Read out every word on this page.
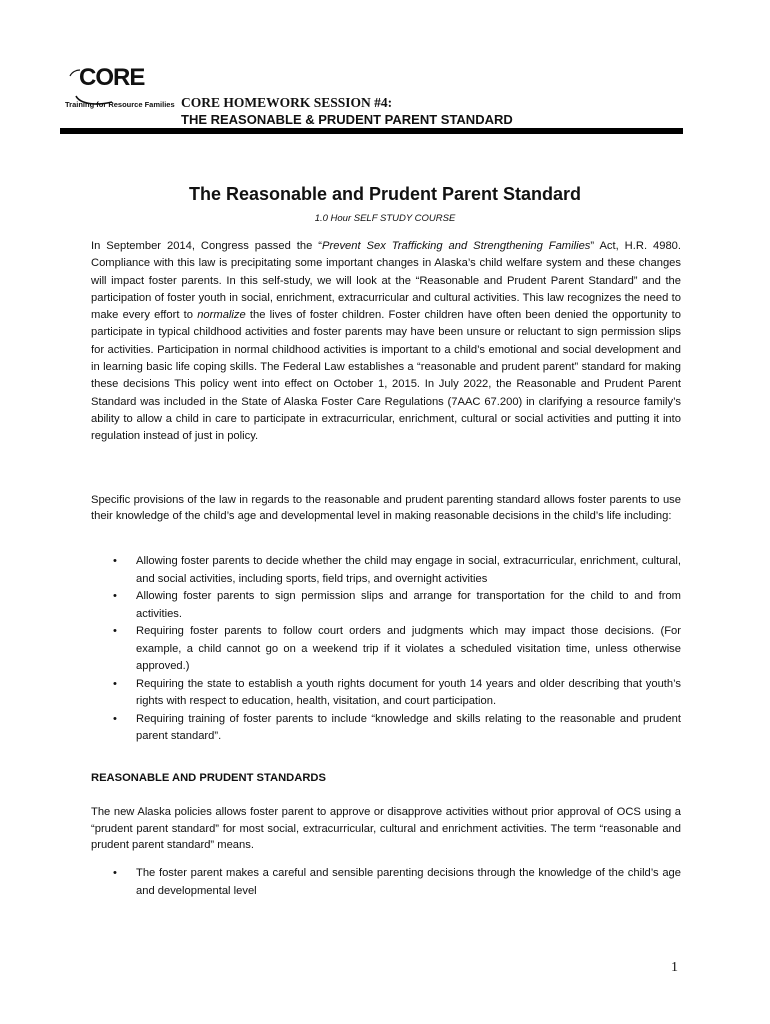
CORE
Training for Resource Families CORE HOMEWORK SESSION #4:
THE REASONABLE & PRUDENT PARENT STANDARD
The Reasonable and Prudent Parent Standard
1.0 Hour SELF STUDY COURSE
In September 2014, Congress passed the “Prevent Sex Trafficking and Strengthening Families” Act, H.R. 4980. Compliance with this law is precipitating some important changes in Alaska’s child welfare system and these changes will impact foster parents. In this self-study, we will look at the “Reasonable and Prudent Parent Standard” and the participation of foster youth in social, enrichment, extracurricular and cultural activities. This law recognizes the need to make every effort to normalize the lives of foster children. Foster children have often been denied the opportunity to participate in typical childhood activities and foster parents may have been unsure or reluctant to sign permission slips for activities. Participation in normal childhood activities is important to a child’s emotional and social development and in learning basic life coping skills. The Federal Law establishes a “reasonable and prudent parent” standard for making these decisions This policy went into effect on October 1, 2015. In July 2022, the Reasonable and Prudent Parent Standard was included in the State of Alaska Foster Care Regulations (7AAC 67.200) in clarifying a resource family’s ability to allow a child in care to participate in extracurricular, enrichment, cultural or social activities and putting it into regulation instead of just in policy.
Specific provisions of the law in regards to the reasonable and prudent parenting standard allows foster parents to use their knowledge of the child’s age and developmental level in making reasonable decisions in the child’s life including:
• Allowing foster parents to decide whether the child may engage in social, extracurricular, enrichment, cultural, and social activities, including sports, field trips, and overnight activities
• Allowing foster parents to sign permission slips and arrange for transportation for the child to and from activities.
• Requiring foster parents to follow court orders and judgments which may impact those decisions. (For example, a child cannot go on a weekend trip if it violates a scheduled visitation time, unless otherwise approved.)
• Requiring the state to establish a youth rights document for youth 14 years and older describing that youth’s rights with respect to education, health, visitation, and court participation.
• Requiring training of foster parents to include “knowledge and skills relating to the reasonable and prudent parent standard”.
REASONABLE AND PRUDENT STANDARDS
The new Alaska policies allows foster parent to approve or disapprove activities without prior approval of OCS using a “prudent parent standard” for most social, extracurricular, cultural and enrichment activities. The term “reasonable and prudent parent standard” means.
• The foster parent makes a careful and sensible parenting decisions through the knowledge of the child’s age and developmental level
1
